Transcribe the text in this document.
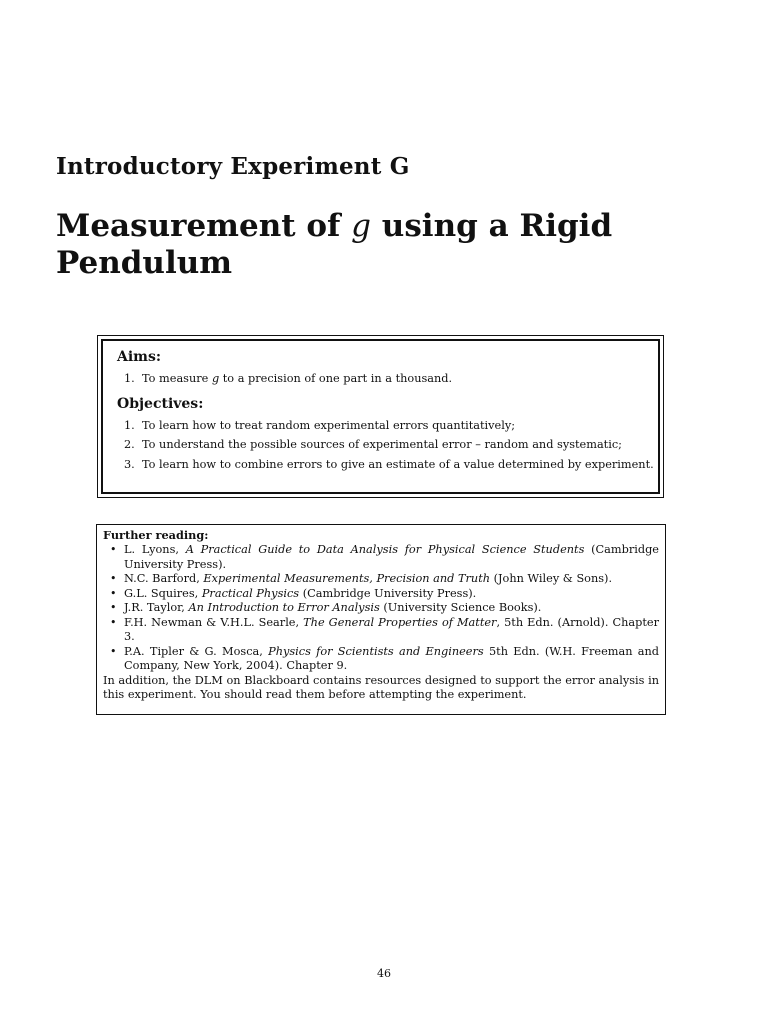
Introductory Experiment G
Measurement of g using a Rigid Pendulum
Aims:
1. To measure g to a precision of one part in a thousand.
Objectives:
1. To learn how to treat random experimental errors quantitatively;
2. To understand the possible sources of experimental error – random and systematic;
3. To learn how to combine errors to give an estimate of a value determined by experiment.
Further reading:
• L. Lyons, A Practical Guide to Data Analysis for Physical Science Students (Cambridge University Press).
• N.C. Barford, Experimental Measurements, Precision and Truth (John Wiley & Sons).
• G.L. Squires, Practical Physics (Cambridge University Press).
• J.R. Taylor, An Introduction to Error Analysis (University Science Books).
• F.H. Newman & V.H.L. Searle, The General Properties of Matter, 5th Edn. (Arnold). Chapter 3.
• P.A. Tipler & G. Mosca, Physics for Scientists and Engineers 5th Edn. (W.H. Freeman and Company, New York, 2004). Chapter 9.
In addition, the DLM on Blackboard contains resources designed to support the error analysis in this experiment. You should read them before attempting the experiment.
46
